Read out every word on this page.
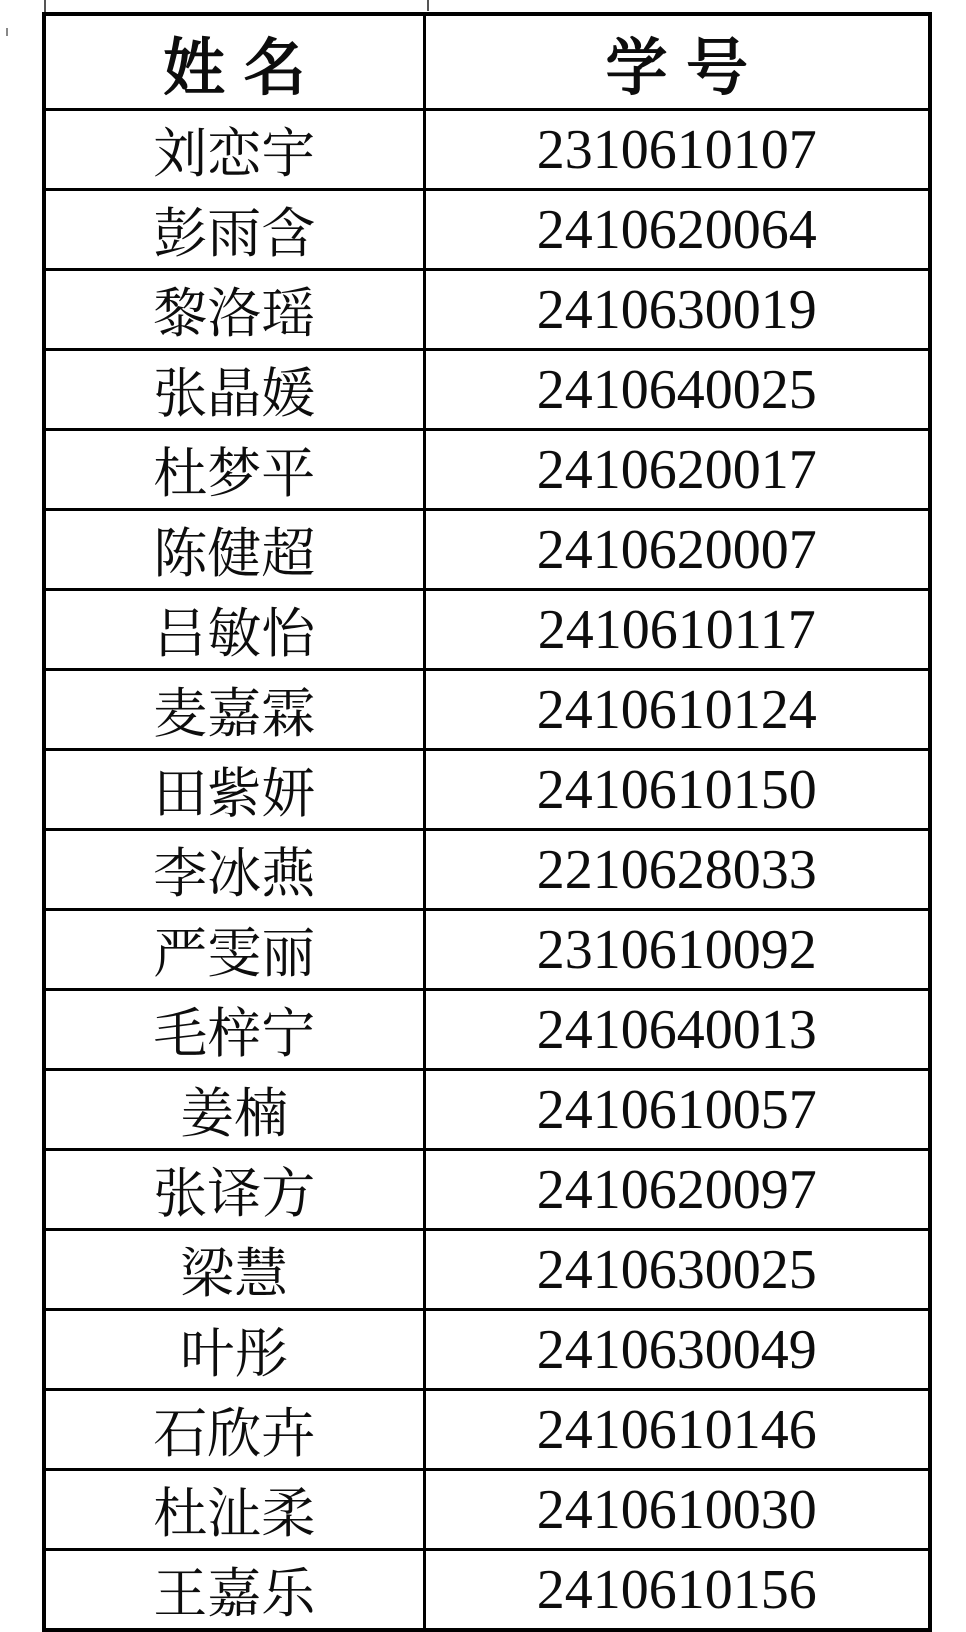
姓名	学号
刘恋宇	2310610107
彭雨含	2410620064
黎洛瑶	2410630019
张晶媛	2410640025
杜梦平	2410620017
陈健超	2410620007
吕敏怡	2410610117
麦嘉霖	2410610124
田紫妍	2410610150
李冰燕	2210628033
严雯丽	2310610092
毛梓宁	2410640013
姜楠	2410610057
张译方	2410620097
梁慧	2410630025
叶彤	2410630049
石欣卉	2410610146
杜沚柔	2410610030
王嘉乐	2410610156
